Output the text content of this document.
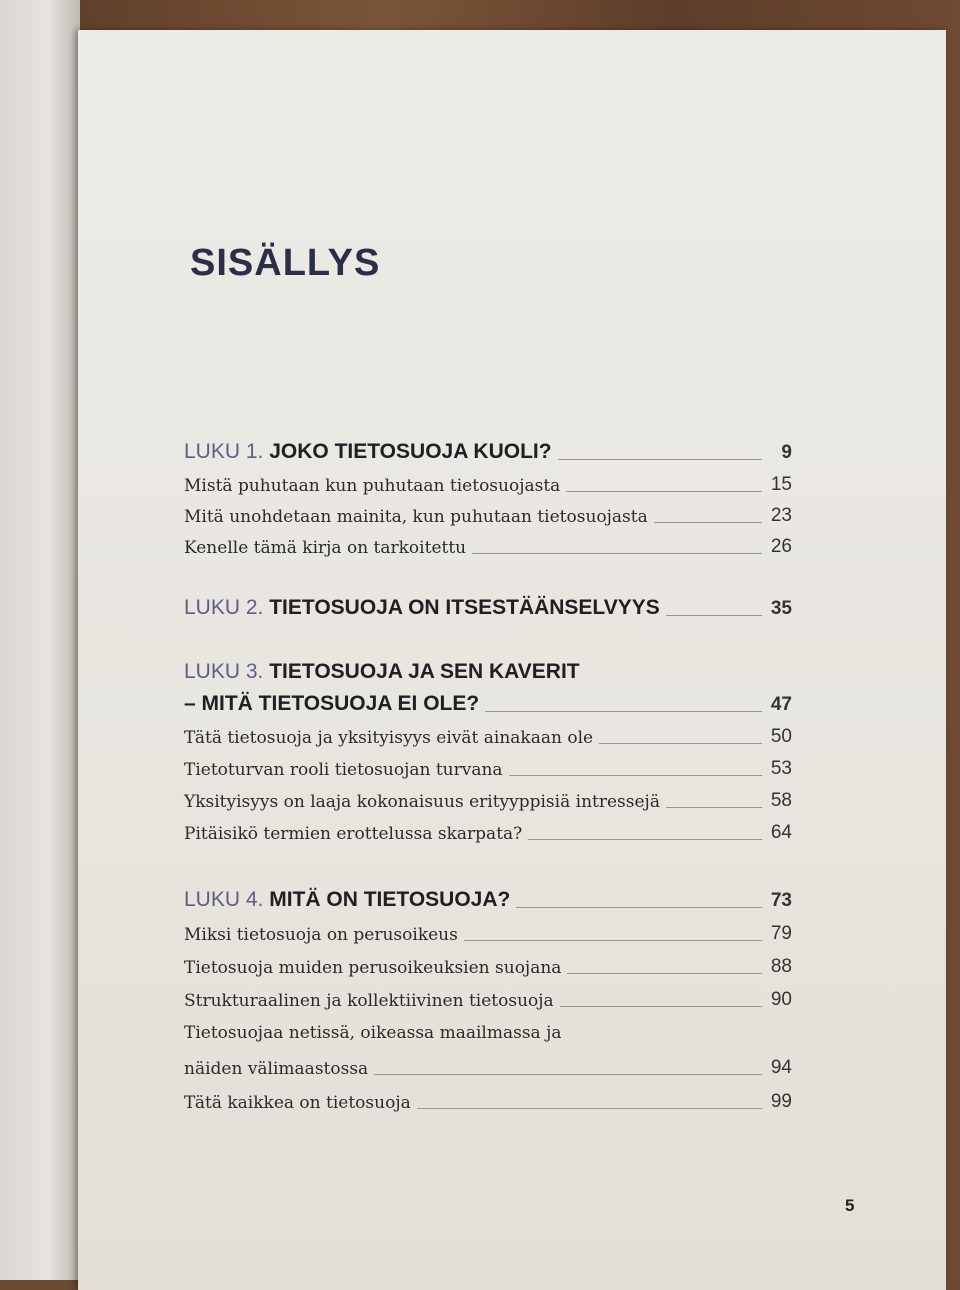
SISÄLLYS
LUKU 1. JOKO TIETOSUOJA KUOLI?	9
Mistä puhutaan kun puhutaan tietosuojasta	15
Mitä unohdetaan mainita, kun puhutaan tietosuojasta	23
Kenelle tämä kirja on tarkoitettu	26
LUKU 2. TIETOSUOJA ON ITSESTÄÄNSELVYYS	35
LUKU 3. TIETOSUOJA JA SEN KAVERIT
– MITÄ TIETOSUOJA EI OLE?	47
Tätä tietosuoja ja yksityisyys eivät ainakaan ole	50
Tietoturvan rooli tietosuojan turvana	53
Yksityisyys on laaja kokonaisuus erityyppisiä intressejä	58
Pitäisikö termien erottelussa skarpata?	64
LUKU 4. MITÄ ON TIETOSUOJA?	73
Miksi tietosuoja on perusoikeus	79
Tietosuoja muiden perusoikeuksien suojana	88
Strukturaalinen ja kollektiivinen tietosuoja	90
Tietosuojaa netissä, oikeassa maailmassa ja
näiden välimaastossa	94
Tätä kaikkea on tietosuoja	99
5
